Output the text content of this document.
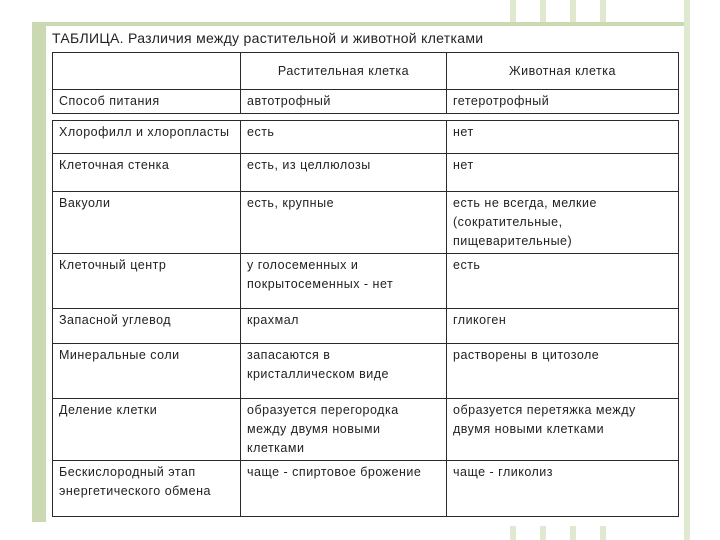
ТАБЛИЦА. Различия между растительной и животной клетками
	Растительная клетка	Животная клетка
Способ питания	автотрофный	гетеротрофный

Хлорофилл и хлоропласты	есть	нет
Клеточная стенка	есть, из целлюлозы	нет
Вакуоли	есть, крупные	есть не всегда, мелкие (сократительные, пищеварительные)
Клеточный центр	у голосеменных и покрытосеменных - нет	есть
Запасной углевод	крахмал	гликоген
Минеральные соли	запасаются в кристаллическом виде	растворены в цитозоле
Деление клетки	образуется перегородка между двумя новыми клетками	образуется перетяжка между двумя новыми клетками
Бескислородный этап энергетического обмена	чаще - спиртовое брожение	чаще - гликолиз
